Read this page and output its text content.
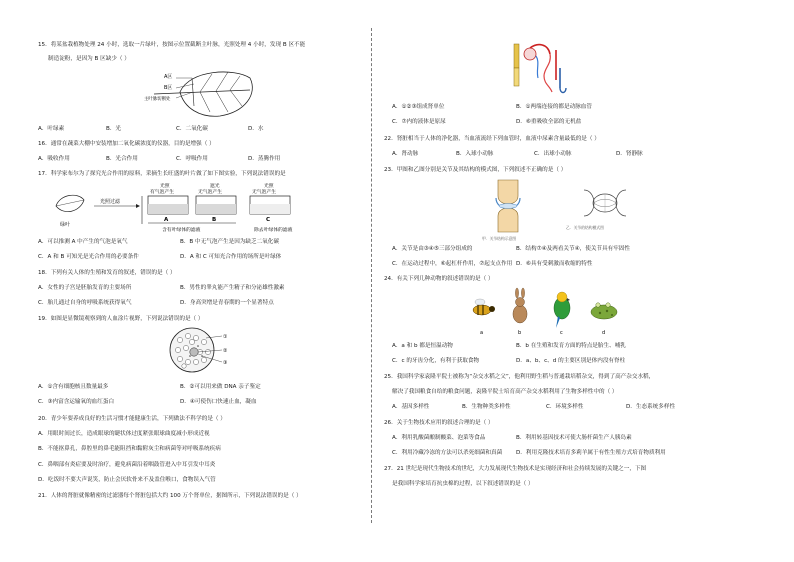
15．将某盆栽植物处理 24 小时，选取一片绿叶，按图示位置截断主叶脉，光照处理 4 小时，发现 B 区不能
制造淀粉，是因为 B 区缺少（ ）
A区
B区
主叶脉切断处
A．叶绿素	B．光	C．二氧化碳	D．水
16．通常在蔬菜大棚中安装增加二氧化碳浓度的仪器，目的是增强（ ）
A．吸收作用	B．光合作用	C．呼吸作用	D．蒸腾作用
17．科学家布尔为了探究光合作用的原料，采摘生长旺盛的叶片做了如下图实验，下列说法错误的是
绿叶
光照过滤
光照
有气泡产生
A
遮光
无气泡产生
B
光照
无气泡产生
C
含有叶绿体的滤液	除去叶绿体的滤液
A．可以推测 A 中产生的气泡是氧气	B．B 中无气泡产生是因为缺乏二氧化碳
C．A 和 B 可知光是光合作用的必要条件	D．A 和 C 可知光合作用的场所是叶绿体
18．下列有关人体的生殖和发育的叙述，错误的是（ ）
A．女性的子宫是胚胎发育的主要场所	B．男性的睾丸能产生精子和分泌雄性激素
C．胎儿通过自身的呼吸系统获得氧气	D．身高突增是青春期的一个显著特点
19．如图是显微镜观察到的人血涂片视野，下列说法错误的是（ ）
①
②
③
A．①含有细胞核且数量最多	B．②可以用来做 DNA 亲子鉴定
C．③内富含运输氧的血红蛋白	D．④可使伤口快速止血，凝血
20．青少年要养成良好的生活习惯才能健康生活，下列做法不科学的是（ ）
A．用眼时间过长，造成眼球的睫状体过度紧张眼球曲度减小形成近视
B．不能抠鼻孔，鼻腔里的鼻毛能阻挡和黏附灰尘和病菌等对呼吸系统疾病
C．鼻咽部有炎症要及时治疗，避免病菌沿着咽鼓管进入中耳引发中耳炎
D．吃饭时不要大声说笑，防止会厌软骨来不及盖住喉口，食物误入气管
21．人体的肾脏就像精密的过滤器每个肾脏包括大约 100 万个肾单位，据图所示，下列说法错误的是（ ）
A．①②③组成肾单位	B．①两端连接的都是动脉血管
C．⑦内的液体是原尿	D．⑥重吸收全部的无机盐
22．肾脏相当于人体的净化器，当血液流经下列血管时，血液中尿素含量最低的是（ ）
A．肾动脉	B．入球小动脉	C．出球小动脉	D．肾静脉
23．甲图和乙图分别是关节及其结构的模式图，下列叙述不正确的是（ ）
甲．关节结构示意图
乙．关节的结构模式图
A．关节是由③④⑤三部分组成的	B．结构⑦④及两看关节④，使关节具有牢固性
C．在运动过程中，⑥起杠杆作用，⑦起支点作用 D．⑥具有受刺激而收缩的特性
24．有关下列几种动物的叙述错误的是（ ）
a	b	c	d
A．a 和 b 都是恒温动物	B．b 在生殖和发育方面的特点是胎生、哺乳
C．c 的牙齿分化，有利于获取食物	D．a、b、c、d 的主要区别是体内没有脊柱
25．我国科学家袁隆平院士被称为“杂交水稻之父”，他利用野生稻与普通栽培稻杂交，得到了高产杂交水稻，
解决了我国粮食自给的粮食问题，袁隆平院士培育高产杂交水稻利用了生物多样性中的（ ）
A．基因多样性	B．生物种类多样性	C．环境多样性	D．生态系统多样性
26．关于生物技术应用的叙述合理的是（ ）
A．利用乳酸菌酿制酸菜、泡菜等食品	B．利用转基因技术可使大肠杆菌生产人胰岛素
C．利用冷藏冷冻的方法可以杀死细菌和真菌 D．利用克隆技术培育多莉羊属于有性生殖方式培育物质利用
27．21 世纪是现代生物技术的世纪，大力发展现代生物技术是实现经济和社会持续发展的关键之一，下图
是我国科学家培育抗虫棉的过程，以下叙述错误的是（ ）
